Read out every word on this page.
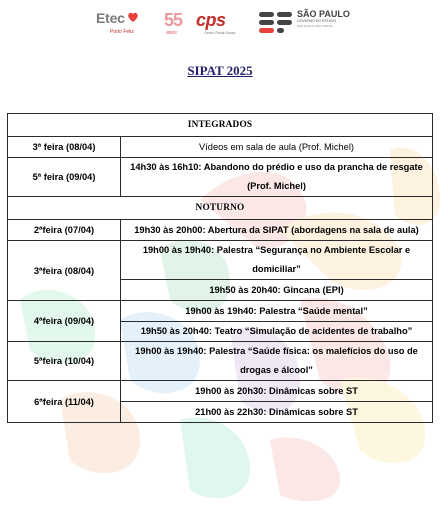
Etec
Porto Feliz
55
anos
cps
Centro Paula Souza
SÃO PAULO
GOVERNO DO ESTADO
SÃO PAULO SÃO TODOS
SIPAT 2025
INTEGRADOS	
3ª feira (08/04)	Vídeos em sala de aula (Prof. Michel)
5ª feira (09/04)	14h30 às 16h10: Abandono do prédio e uso da prancha de resgate (Prof. Michel)
NOTURNO	
2ªfeira (07/04)	19h30 às 20h00: Abertura da SIPAT (abordagens na sala de aula)
3ªfeira (08/04)	19h00 às 19h40: Palestra “Segurança no Ambiente Escolar e domiciliar”
	19h50 às 20h40: Gincana (EPI)
4ªfeira (09/04)	19h00 às 19h40: Palestra “Saúde mental”
	19h50 às 20h40: Teatro “Simulação de acidentes de trabalho”
5ªfeira (10/04)	19h00 às 19h40: Palestra “Saúde física: os malefícios do uso de drogas e álcool”
6ªfeira (11/04)	19h00 às 20h30: Dinâmicas sobre ST
	21h00 às 22h30: Dinâmicas sobre ST
